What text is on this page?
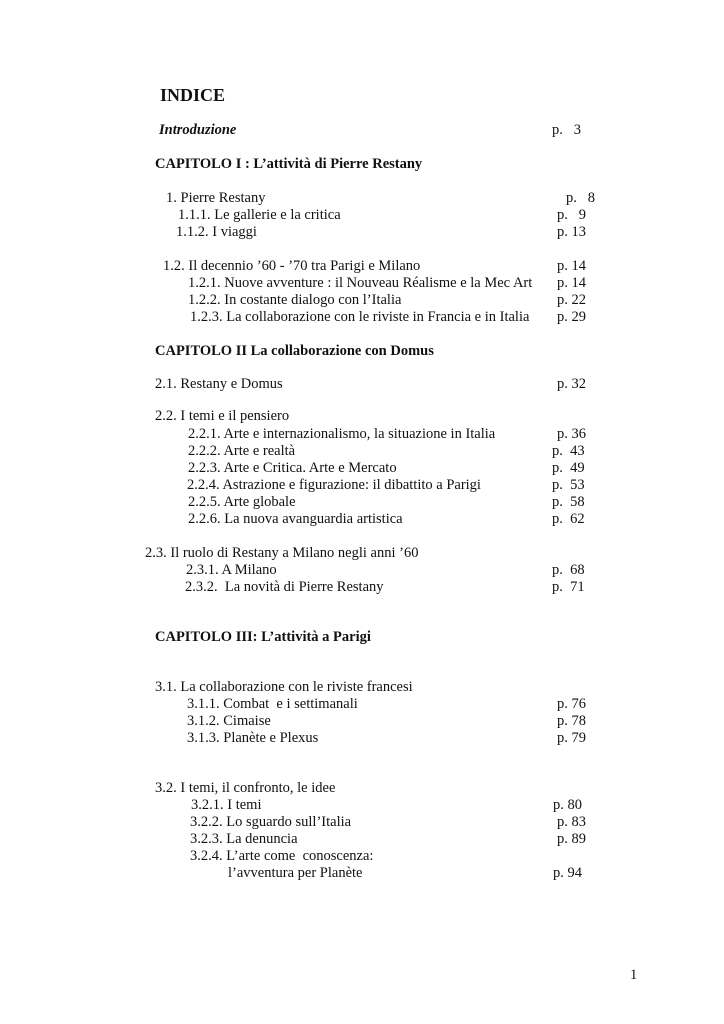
INDICE
Introduzione	p.   3
CAPITOLO I : L’attività di Pierre Restany
1. Pierre Restany	p.   8
1.1.1. Le gallerie e la critica	p.   9
1.1.2. I viaggi	p. 13
1.2. Il decennio ’60 - ’70 tra Parigi e Milano	p. 14
1.2.1. Nuove avventure : il Nouveau Réalisme e la Mec Art p. 14
1.2.2. In costante dialogo con l’Italia	p. 22
1.2.3. La collaborazione con le riviste in Francia e in Italia p. 29
CAPITOLO II La collaborazione con Domus
2.1. Restany e Domus	p. 32
2.2. I temi e il pensiero
2.2.1. Arte e internazionalismo, la situazione in Italia	p. 36
2.2.2. Arte e realtà	p.  43
2.2.3. Arte e Critica. Arte e Mercato	p.  49
2.2.4. Astrazione e figurazione: il dibattito a Parigi	p.  53
2.2.5. Arte globale	p.  58
2.2.6. La nuova avanguardia artistica	p.  62
2.3. Il ruolo di Restany a Milano negli anni ’60
2.3.1. A Milano	p.  68
2.3.2.  La novità di Pierre Restany	p.  71
CAPITOLO III: L’attività a Parigi
3.1. La collaborazione con le riviste francesi
3.1.1. Combat  e i settimanali	p. 76
3.1.2. Cimaise	p. 78
3.1.3. Planète e Plexus	p. 79
3.2. I temi, il confronto, le idee
3.2.1. I temi	p. 80
3.2.2. Lo sguardo sull’Italia	p. 83
3.2.3. La denuncia	p. 89
3.2.4. L’arte come  conoscenza:
l’avventura per Planète	p. 94
1
